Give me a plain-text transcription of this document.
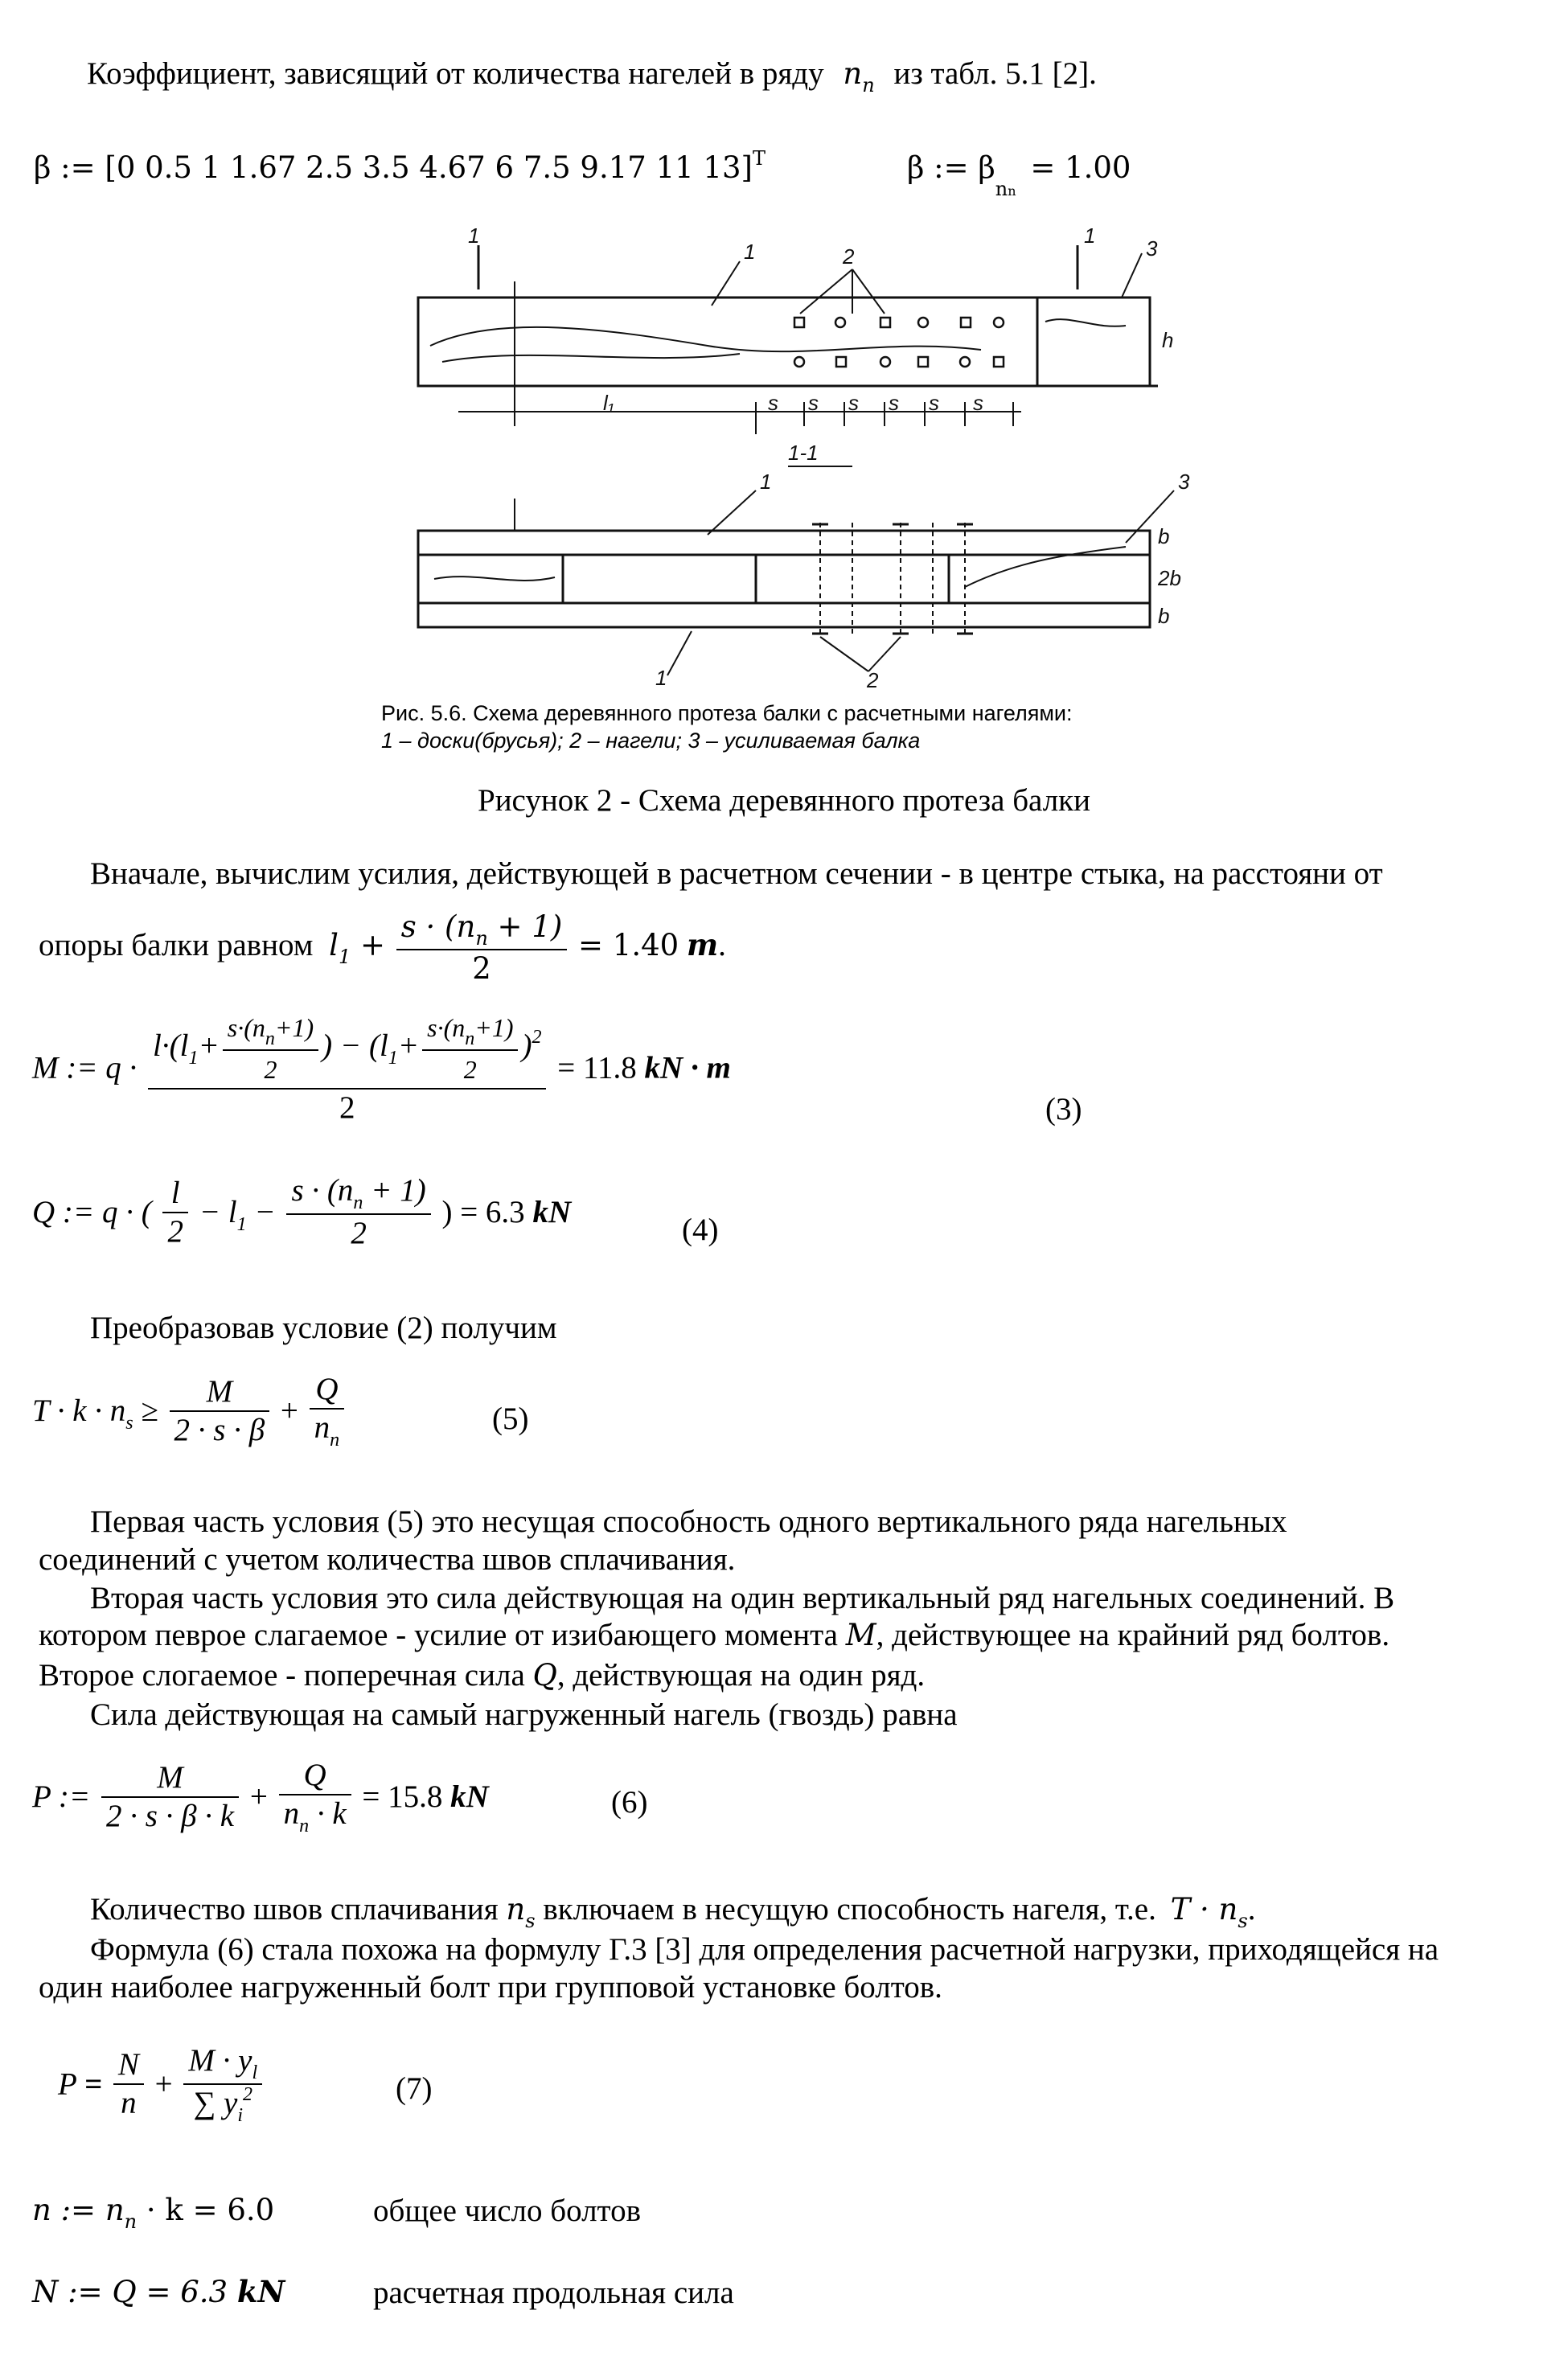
Коэффициент, зависящий от количества нагелей в ряду $n_n$ из табл. 5.1 [2].
β := [0 0.5 1 1.67 2.5 3.5 4.67 6 7.5 9.17 11 13]$^T$	β := $\beta_{nn} = 1.00$
1	1
1	2	3
h
l₁	s s s s s s
1-1
1	3
b
2b
b
1	2
Рис. 5.6. Схема деревянного протеза балки с расчетными нагелями:
1 – доски(брусья); 2 – нагели; 3 – усиливаемая балка
Рисунок 2 - Схема деревянного протеза балки
Вначале, вычислим усилия, действующей в расчетном сечении - в центре стыка, на расстояни от
опоры балки равном $l_1 + \frac{s \cdot (n_n + 1)}{2} = 1.40$ m.
M := $q \cdot \frac{l\cdot(l_1+ \frac{s\cdot(n_n+1)}{2} ) - (l_1+ \frac{s\cdot(n_n+1)}{2} )^2}{2} = 11.8$ kN · m
(3)
Q := q · ( $\frac{l}{2} - l_1 - \frac{s \cdot (n_n + 1)}{2}$ ) = 6.3 kN
(4)
Преобразовав условие (2) получим
$T \cdot k \cdot n_s \ge \frac{M}{2 \cdot s \cdot \beta} + \frac{Q}{n_n}$	(5)
Первая часть условия (5) это несущая способность одного вертикального ряда нагельных
соединений с учетом количества швов сплачивания.
Вторая часть условия это сила действующая на один вертикальный ряд нагельных соединений. В
котором певрое слагаемое - усилие от изибающего момента M, действующее на крайний ряд болтов.
Второе слогаемое - поперечная сила Q, действующая на один ряд.
Сила действующая на самый нагруженный нагель (гвоздь) равна
P := $\frac{M}{2 \cdot s \cdot \beta \cdot k} + \frac{Q}{n_n \cdot k} = 15.8$ kN	(6)
Количество швов сплачивания $n_s$ включаем в несущую способность нагеля, т.е. $T \cdot n_s$.
Формула (6) стала похожа на формулу Г.3 [3] для определения расчетной нагрузки, приходящейся на
один наиболее нагруженный болт при групповой установке болтов.
$P = \frac{N}{n} + \frac{M \cdot y_l}{\sum y_i^2}$	(7)
n := $n_n \cdot k = 6.0$	общее число болтов
N := Q = 6.3 kN	расчетная продольная сила
